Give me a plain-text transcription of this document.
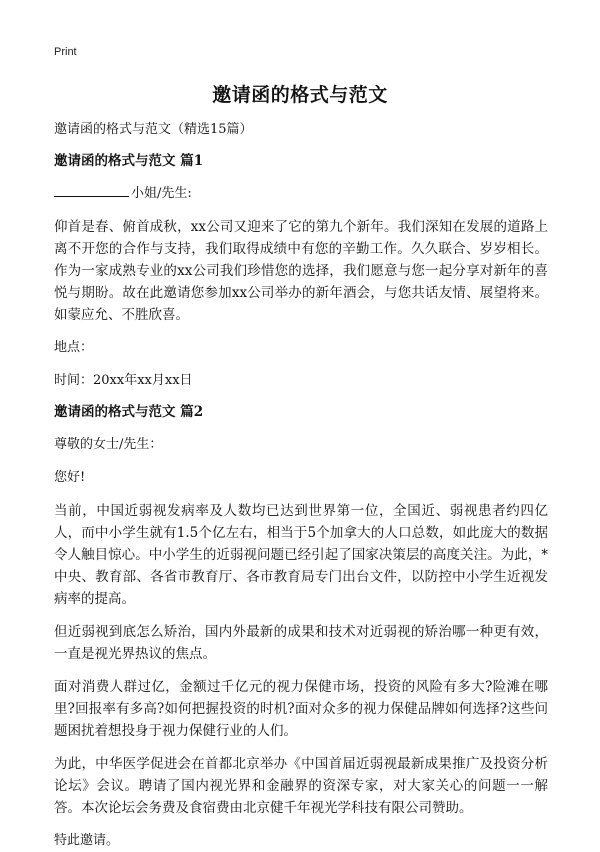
Print
邀请函的格式与范文

邀请函的格式与范文（精选15篇）

邀请函的格式与范文 篇1

小姐/先生:

仰首是春、俯首成秋，xx公司又迎来了它的第九个新年。我们深知在发展的道路上离不开您的合作与支持，我们取得成绩中有您的辛勤工作。久久联合、岁岁相长。作为一家成熟专业的xx公司我们珍惜您的选择，我们愿意与您一起分享对新年的喜悦与期盼。故在此邀请您参加xx公司举办的新年酒会，与您共话友情、展望将来。如蒙应允、不胜欣喜。

地点：

时间：20xx年xx月xx日

邀请函的格式与范文 篇2

尊敬的女士/先生：

您好!

当前，中国近弱视发病率及人数均已达到世界第一位，全国近、弱视患者约四亿人，而中小学生就有1.5个亿左右，相当于5个加拿大的人口总数，如此庞大的数据令人触目惊心。中小学生的近弱视问题已经引起了国家决策层的高度关注。为此，*中央、教育部、各省市教育厅、各市教育局专门出台文件，以防控中小学生近视发病率的提高。

但近弱视到底怎么矫治，国内外最新的成果和技术对近弱视的矫治哪一种更有效，一直是视光界热议的焦点。

面对消费人群过亿，金额过千亿元的视力保健市场，投资的风险有多大?险滩在哪里?回报率有多高?如何把握投资的时机?面对众多的视力保健品牌如何选择?这些问题困扰着想投身于视力保健行业的人们。

为此，中华医学促进会在首都北京举办《中国首届近弱视最新成果推广及投资分析论坛》会议。聘请了国内视光界和金融界的资深专家，对大家关心的问题一一解答。本次论坛会务费及食宿费由北京健千年视光学科技有限公司赞助。

特此邀请。
